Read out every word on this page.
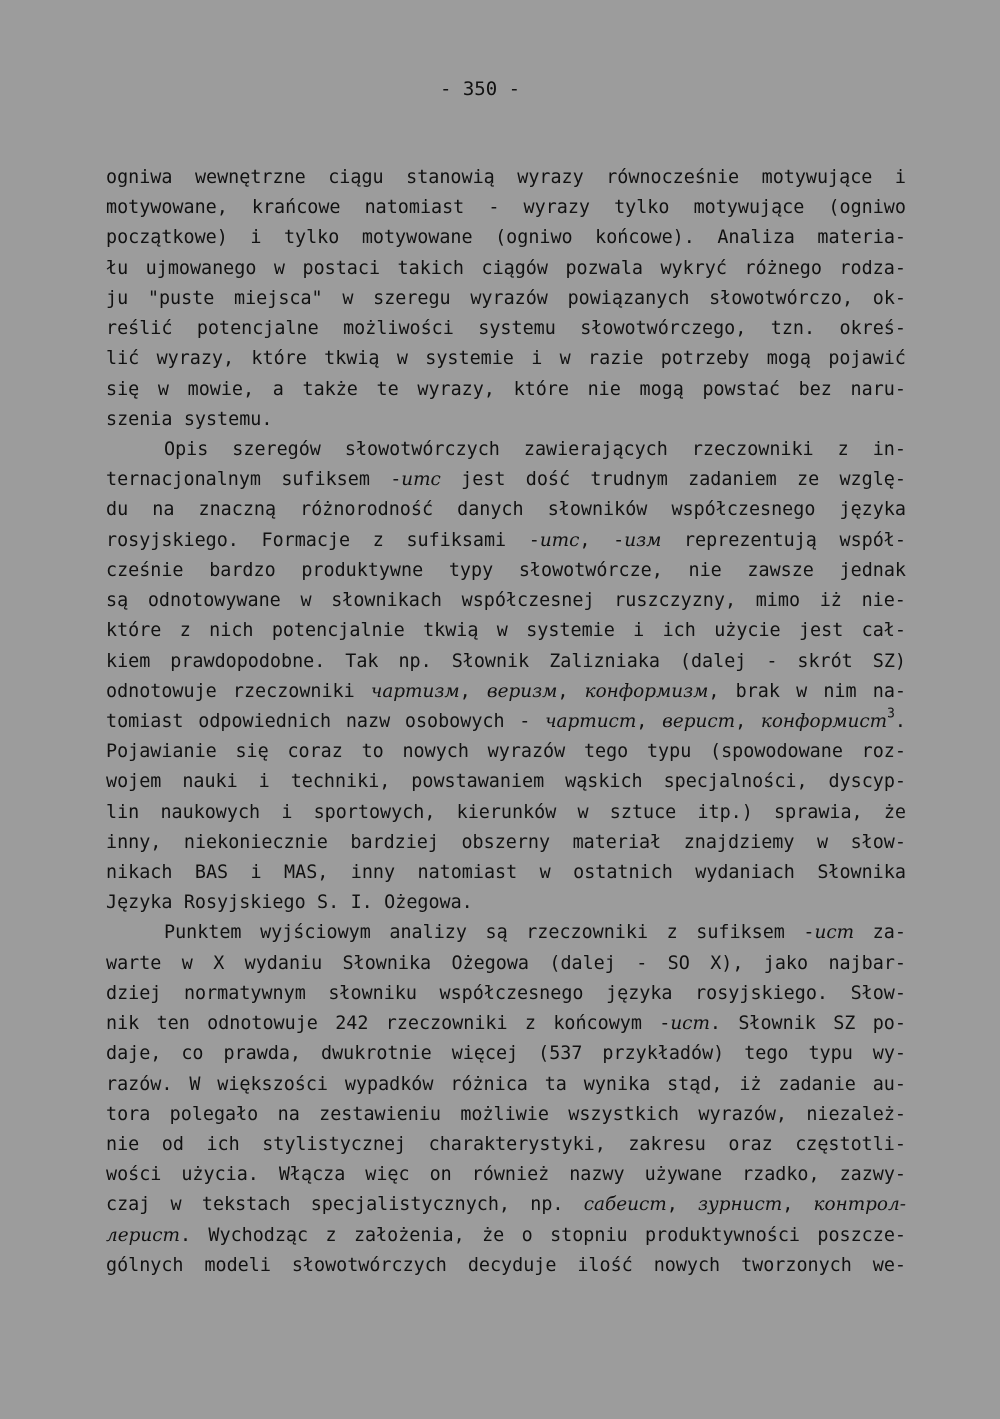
- 350 -
ogniwa wewnętrzne ciągu stanowią wyrazy równocześnie motywujące i
motywowane, krańcowe natomiast - wyrazy tylko motywujące (ogniwo
początkowe) i tylko motywowane (ogniwo końcowe). Analiza materia-
łu ujmowanego w postaci takich ciągów pozwala wykryć różnego rodza-
ju "puste miejsca" w szeregu wyrazów powiązanych słowotwórczo, ok-
reślić potencjalne możliwości systemu słowotwórczego, tzn. okreś-
lić wyrazy, które tkwią w systemie i w razie potrzeby mogą pojawić
się w mowie, a także te wyrazy, które nie mogą powstać bez naru-
szenia systemu.
Opis szeregów słowotwórczych zawierających rzeczowniki z in-
ternacjonalnym sufiksem -umc jest dość trudnym zadaniem ze wzglę-
du na znaczną różnorodność danych słowników współczesnego języka
rosyjskiego. Formacje z sufiksami -umc, -uзм reprezentują współ-
cześnie bardzo produktywne typy słowotwórcze, nie zawsze jednak
są odnotowywane w słownikach współczesnej ruszczyzny, mimo iż nie-
które z nich potencjalnie tkwią w systemie i ich użycie jest cał-
kiem prawdopodobne. Tak np. Słownik Zalizniaka (dalej - skrót SZ)
odnotowuje rzeczowniki чартизм, веризм, конформизм, brak w nim na-
tomiast odpowiednich nazw osobowych - чартист, верист, конформист$^3$.
Pojawianie się coraz to nowych wyrazów tego typu (spowodowane roz-
wojem nauki i techniki, powstawaniem wąskich specjalności, dyscyp-
lin naukowych i sportowych, kierunków w sztuce itp.) sprawia, że
inny, niekoniecznie bardziej obszerny materiał znajdziemy w słow-
nikach BAS i MAS, inny natomiast w ostatnich wydaniach Słownika
Języka Rosyjskiego S. I. Ożegowa.
Punktem wyjściowym analizy są rzeczowniki z sufiksem -ucm za-
warte w X wydaniu Słownika Ożegowa (dalej - SO X), jako najbar-
dziej normatywnym słowniku współczesnego języka rosyjskiego. Słow-
nik ten odnotowuje 242 rzeczowniki z końcowym -ucm. Słownik SZ po-
daje, co prawda, dwukrotnie więcej (537 przykładów) tego typu wy-
razów. W większości wypadków różnica ta wynika stąd, iż zadanie au-
tora polegało na zestawieniu możliwie wszystkich wyrazów, niezależ-
nie od ich stylistycznej charakterystyki, zakresu oraz częstotli-
wości użycia. Włącza więc on również nazwy używane rzadko, zazwy-
czaj w tekstach specjalistycznych, np. сабеист, зурнист, контрол-
лерист. Wychodząc z założenia, że o stopniu produktywności poszcze-
gólnych modeli słowotwórczych decyduje ilość nowych tworzonych we-
